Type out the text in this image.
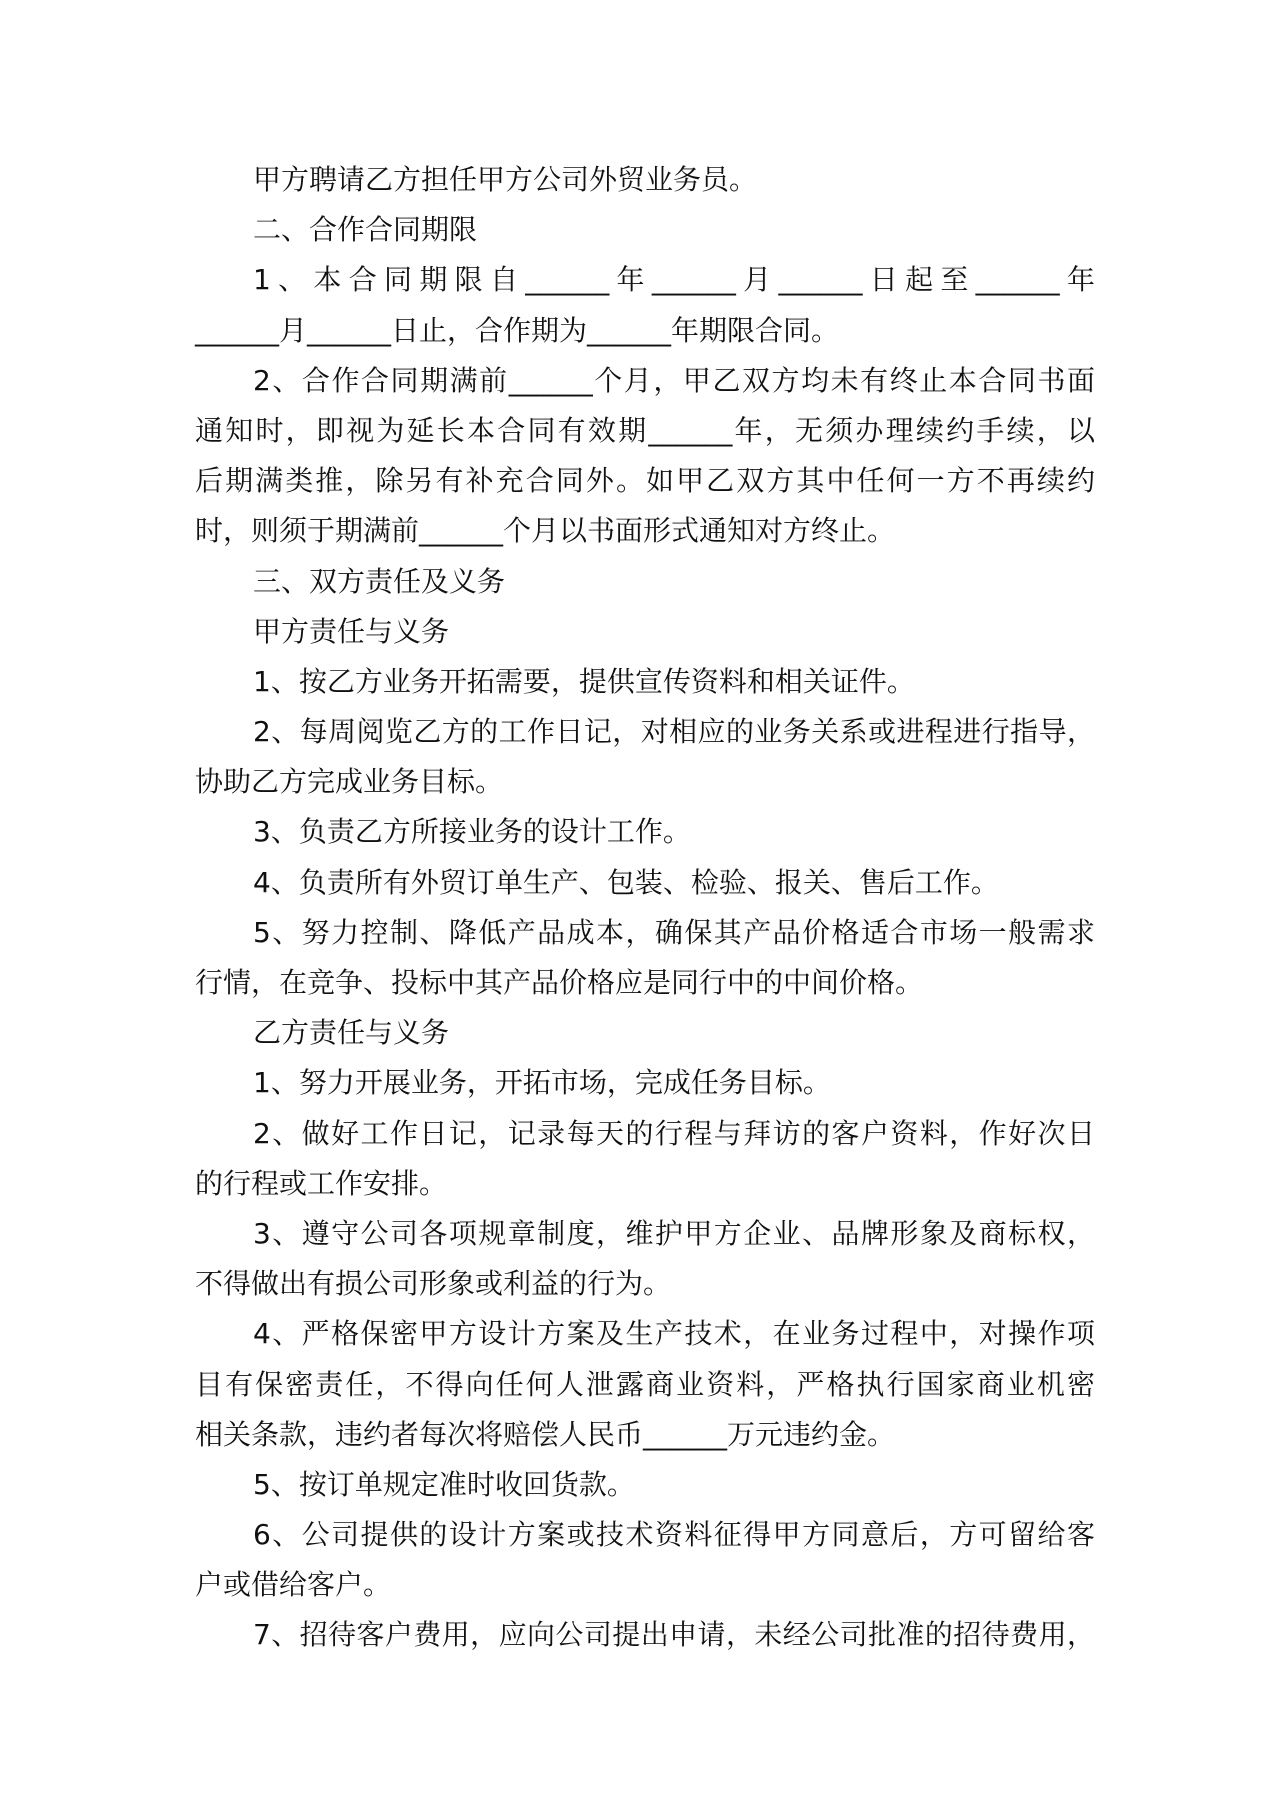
甲方聘请乙方担任甲方公司外贸业务员。
二、合作合同期限
1、本合同期限自______年______月______日起至______年
______月______日止，合作期为______年期限合同。
2、合作合同期满前______个月，甲乙双方均未有终止本合同书面
通知时，即视为延长本合同有效期______年，无须办理续约手续，以
后期满类推，除另有补充合同外。如甲乙双方其中任何一方不再续约
时，则须于期满前______个月以书面形式通知对方终止。
三、双方责任及义务
甲方责任与义务
1、按乙方业务开拓需要，提供宣传资料和相关证件。
2、每周阅览乙方的工作日记，对相应的业务关系或进程进行指导，
协助乙方完成业务目标。
3、负责乙方所接业务的设计工作。
4、负责所有外贸订单生产、包装、检验、报关、售后工作。
5、努力控制、降低产品成本，确保其产品价格适合市场一般需求
行情，在竞争、投标中其产品价格应是同行中的中间价格。
乙方责任与义务
1、努力开展业务，开拓市场，完成任务目标。
2、做好工作日记，记录每天的行程与拜访的客户资料，作好次日
的行程或工作安排。
3、遵守公司各项规章制度，维护甲方企业、品牌形象及商标权，
不得做出有损公司形象或利益的行为。
4、严格保密甲方设计方案及生产技术，在业务过程中，对操作项
目有保密责任，不得向任何人泄露商业资料，严格执行国家商业机密
相关条款，违约者每次将赔偿人民币______万元违约金。
5、按订单规定准时收回货款。
6、公司提供的设计方案或技术资料征得甲方同意后，方可留给客
户或借给客户。
7、招待客户费用，应向公司提出申请，未经公司批准的招待费用，
